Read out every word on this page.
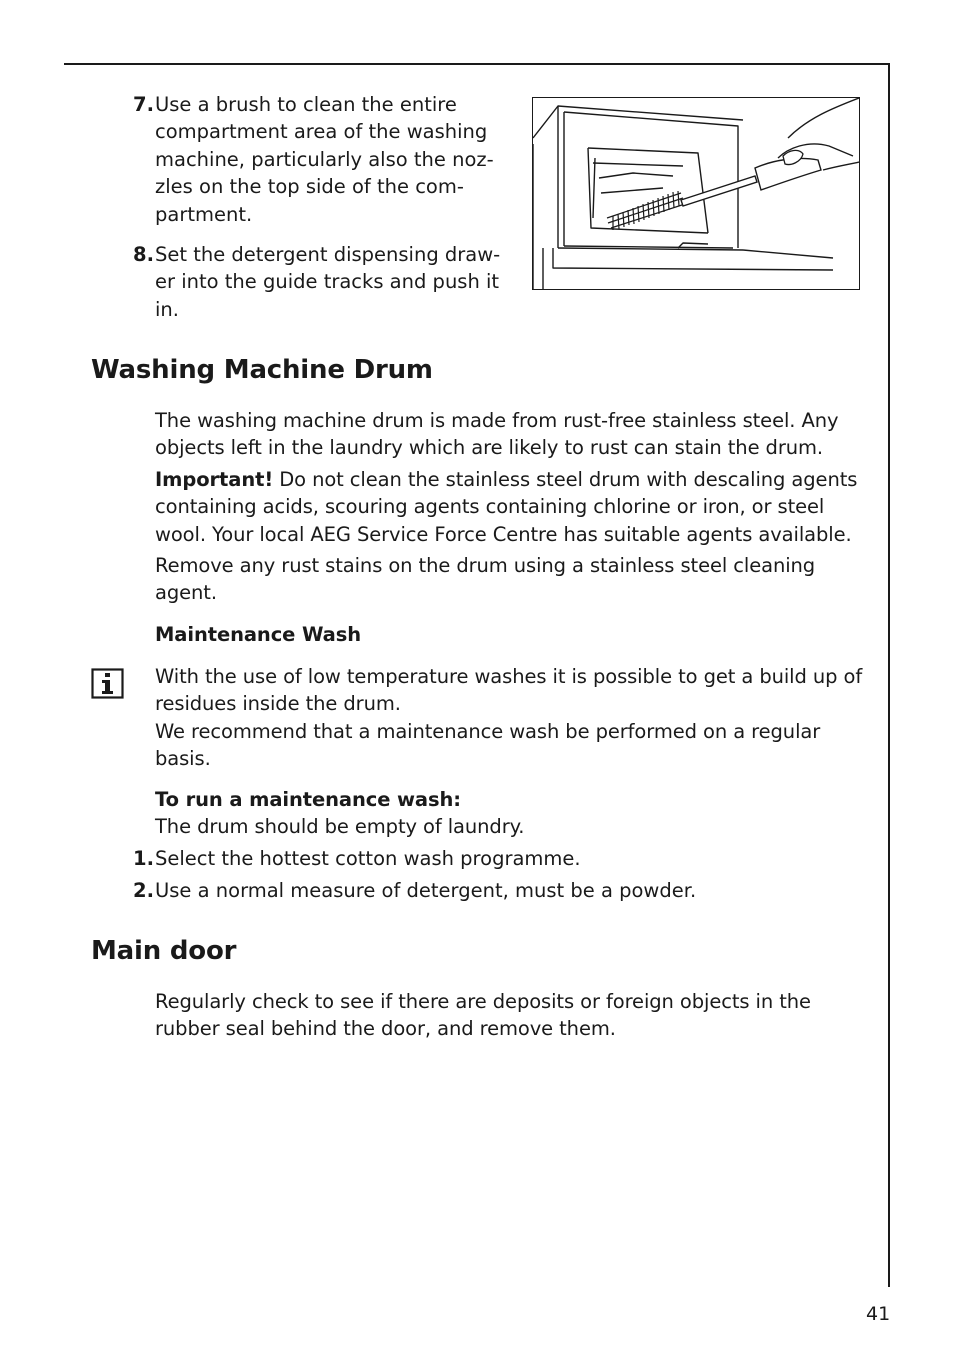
7. Use a brush to clean the entire
compartment area of the washing
machine, particularly also the noz-
zles on the top side of the com-
partment.
8. Set the detergent dispensing draw-
er into the guide tracks and push it
in.
Washing Machine Drum
The washing machine drum is made from rust-free stainless steel. Any objects left in the laundry which are likely to rust can stain the drum.
Important! Do not clean the stainless steel drum with descaling agents containing acids, scouring agents containing chlorine or iron, or steel wool. Your local AEG Service Force Centre has suitable agents available.
Remove any rust stains on the drum using a stainless steel cleaning agent.
Maintenance Wash
With the use of low temperature washes it is possible to get a build up of residues inside the drum.
We recommend that a maintenance wash be performed on a regular basis.
To run a maintenance wash:
The drum should be empty of laundry.
1. Select the hottest cotton wash programme.
2. Use a normal measure of detergent, must be a powder.
Main door
Regularly check to see if there are deposits or foreign objects in the rubber seal behind the door, and remove them.
41
